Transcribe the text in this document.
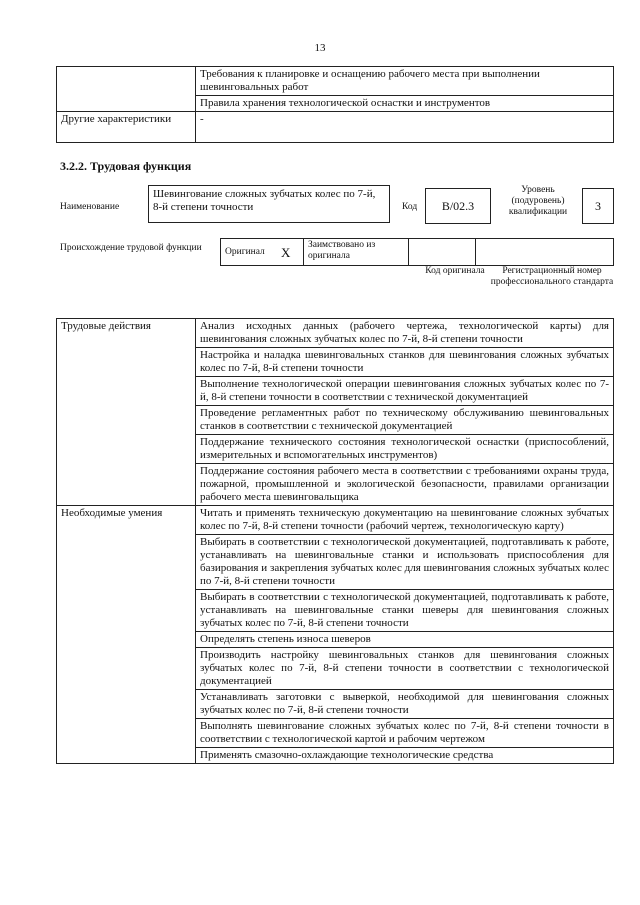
13
	Требования к планировке и оснащению рабочего места при выполнении шевинговальных работ
	Правила хранения технологической оснастки и инструментов
Другие характеристики	-
3.2.2. Трудовая функция
Наименование
Шевингование сложных зубчатых колес по 7-й, 8-й степени точности	Код	B/02.3
Уровень (подуровень) квалификации	3
Происхождение трудовой функции	Оригинал	X	Заимствовано из оригинала		
Код оригинала	Регистрационный номер профессионального стандарта
Трудовые действия	Анализ исходных данных (рабочего чертежа, технологической карты) для шевингования сложных зубчатых колес по 7-й, 8-й степени точности
	Настройка и наладка шевинговальных станков для шевингования сложных зубчатых колес по 7-й, 8-й степени точности
	Выполнение технологической операции шевингования сложных зубчатых колес по 7-й, 8-й степени точности в соответствии с технической документацией
	Проведение регламентных работ по техническому обслуживанию шевинговальных станков в соответствии с технической документацией
	Поддержание технического состояния технологической оснастки (приспособлений, измерительных и вспомогательных инструментов)
	Поддержание состояния рабочего места в соответствии с требованиями охраны труда, пожарной, промышленной и экологической безопасности, правилами организации рабочего места шевинговальщика
Необходимые умения	Читать и применять техническую документацию на шевингование сложных зубчатых колес по 7-й, 8-й степени точности (рабочий чертеж, технологическую карту)
	Выбирать в соответствии с технологической документацией, подготавливать к работе, устанавливать на шевинговальные станки и использовать приспособления для базирования и закрепления зубчатых колес для шевингования сложных зубчатых колес по 7-й, 8-й степени точности
	Выбирать в соответствии с технологической документацией, подготавливать к работе, устанавливать на шевинговальные станки шеверы для шевингования сложных зубчатых колес по 7-й, 8-й степени точности
	Определять степень износа шеверов
	Производить настройку шевинговальных станков для шевингования сложных зубчатых колес по 7-й, 8-й степени точности в соответствии с технологической документацией
	Устанавливать заготовки с выверкой, необходимой для шевингования сложных зубчатых колес по 7-й, 8-й степени точности
	Выполнять шевингование сложных зубчатых колес по 7-й, 8-й степени точности в соответствии с технологической картой и рабочим чертежом
	Применять смазочно-охлаждающие технологические средства
